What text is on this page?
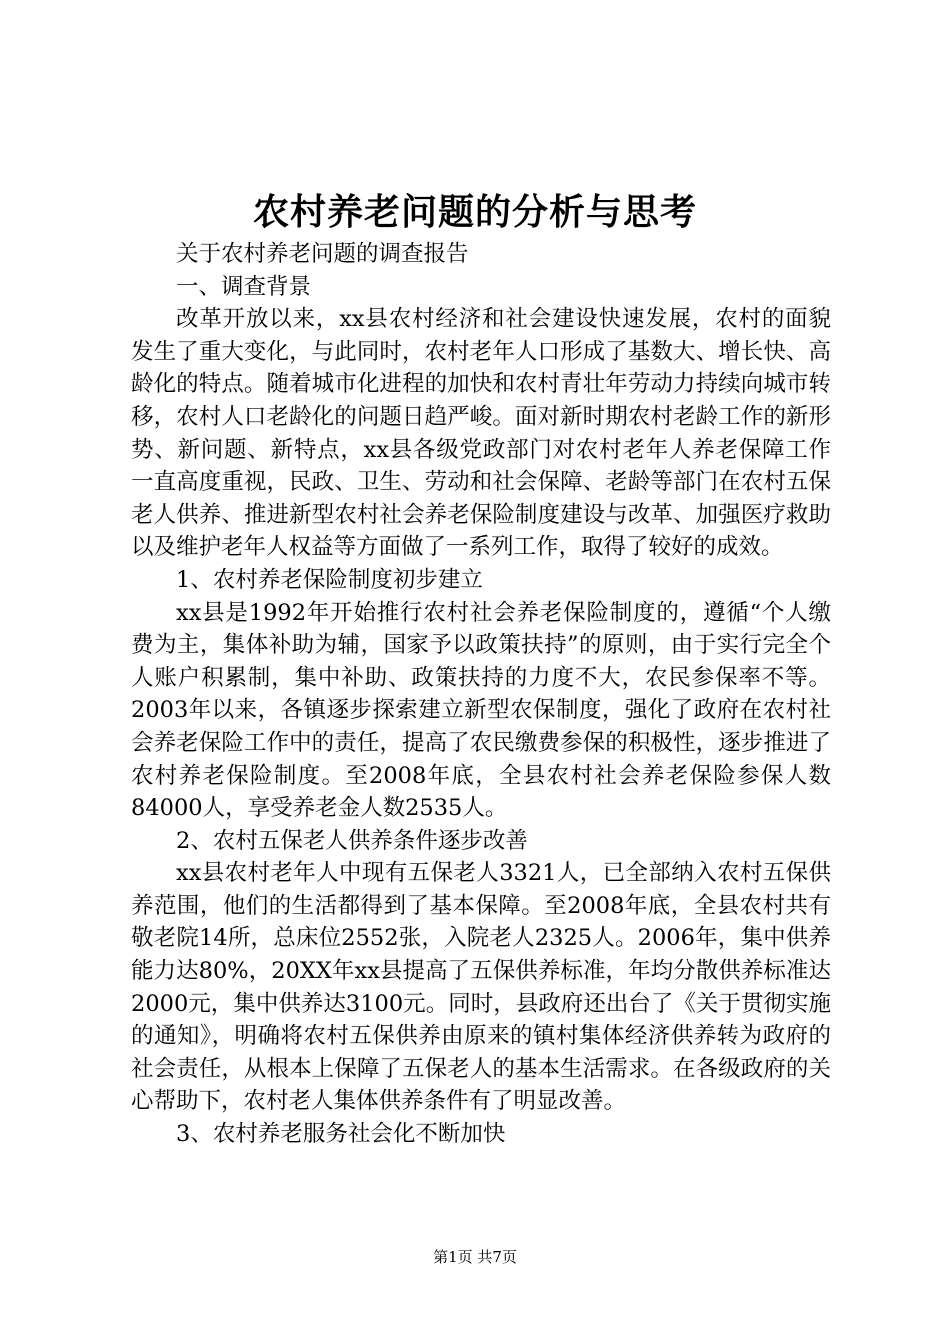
农村养老问题的分析与思考

关于农村养老问题的调查报告

一、调查背景

改革开放以来，xx县农村经济和社会建设快速发展，农村的面貌发生了重大变化，与此同时，农村老年人口形成了基数大、增长快、高龄化的特点。随着城市化进程的加快和农村青壮年劳动力持续向城市转移，农村人口老龄化的问题日趋严峻。面对新时期农村老龄工作的新形势、新问题、新特点，xx县各级党政部门对农村老年人养老保障工作一直高度重视，民政、卫生、劳动和社会保障、老龄等部门在农村五保老人供养、推进新型农村社会养老保险制度建设与改革、加强医疗救助以及维护老年人权益等方面做了一系列工作，取得了较好的成效。

1、农村养老保险制度初步建立

xx县是1992年开始推行农村社会养老保险制度的，遵循“个人缴费为主，集体补助为辅，国家予以政策扶持”的原则，由于实行完全个人账户积累制，集中补助、政策扶持的力度不大，农民参保率不等。2003年以来，各镇逐步探索建立新型农保制度，强化了政府在农村社会养老保险工作中的责任，提高了农民缴费参保的积极性，逐步推进了农村养老保险制度。至2008年底，全县农村社会养老保险参保人数84000人，享受养老金人数2535人。

2、农村五保老人供养条件逐步改善

xx县农村老年人中现有五保老人3321人，已全部纳入农村五保供养范围，他们的生活都得到了基本保障。至2008年底，全县农村共有敬老院14所，总床位2552张，入院老人2325人。2006年，集中供养能力达80%，20XX年xx县提高了五保供养标准，年均分散供养标准达2000元，集中供养达3100元。同时，县政府还出台了《关于贯彻实施的通知》，明确将农村五保供养由原来的镇村集体经济供养转为政府的社会责任，从根本上保障了五保老人的基本生活需求。在各级政府的关心帮助下，农村老人集体供养条件有了明显改善。

3、农村养老服务社会化不断加快

第1页 共7页
